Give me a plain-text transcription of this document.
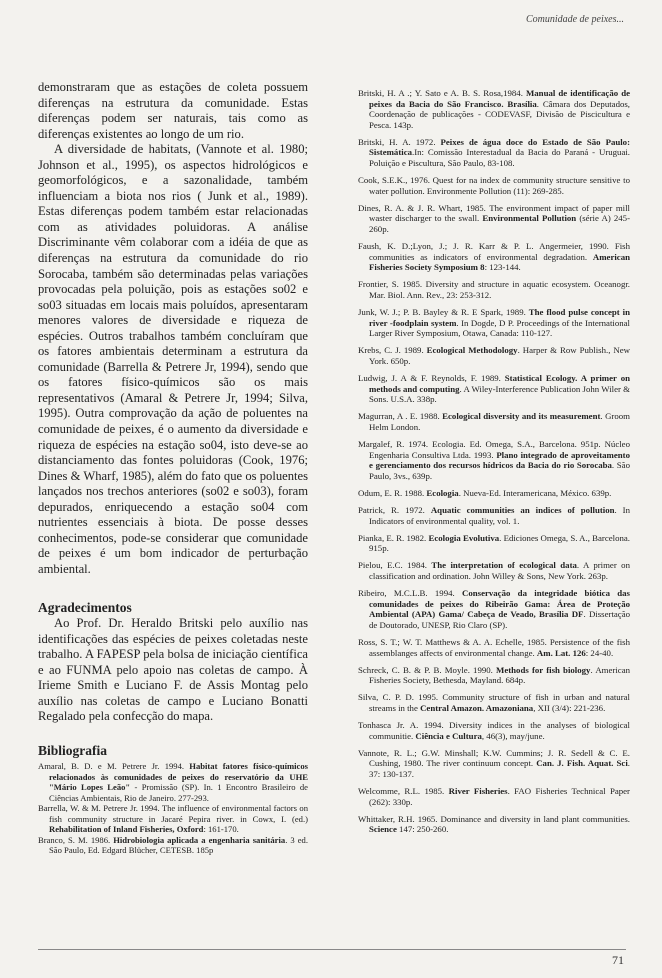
Comunidade de peixes...

demonstraram que as estações de coleta possuem diferenças na estrutura da comunidade. Estas diferenças podem ser naturais, tais como as diferenças existentes ao longo de um rio.

A diversidade de habitats, (Vannote et al. 1980; Johnson et al., 1995), os aspectos hidrológicos e geomorfológicos, e a sazonalidade, também influenciam a biota nos rios ( Junk et al., 1989). Estas diferenças podem também estar relacionadas com as atividades poluidoras. A análise Discriminante vêm colaborar com a idéia de que as diferenças na estrutura da comunidade do rio Sorocaba, também são determinadas pelas variações provocadas pela poluição, pois as estações so02 e so03 situadas em locais mais poluídos, apresentaram menores valores de diversidade e riqueza de espécies. Outros trabalhos também concluíram que os fatores ambientais determinam a estrutura da comunidade (Barrella & Petrere Jr, 1994), sendo que os fatores físico-químicos são os mais representativos (Amaral & Petrere Jr, 1994; Silva, 1995). Outra comprovação da ação de poluentes na comunidade de peixes, é o aumento da diversidade e riqueza de espécies na estação so04, isto deve-se ao distanciamento das fontes poluidoras (Cook, 1976; Dines & Wharf, 1985), além do fato que os poluentes lançados nos trechos anteriores (so02 e so03), foram depurados, enriquecendo a estação so04 com nutrientes essenciais à biota. De posse desses conhecimentos, pode-se considerar que comunidade de peixes é um bom indicador de perturbação ambiental.

Agradecimentos

Ao Prof. Dr. Heraldo Britski pelo auxílio nas identificações das espécies de peixes coletadas neste trabalho. A FAPESP pela bolsa de iniciação científica e ao FUNMA pelo apoio nas coletas de campo. À Irieme Smith e Luciano F. de Assis Montag pelo auxílio nas coletas de campo e Luciano Bonatti Regalado pela confecção do mapa.

Bibliografia

Amaral, B. D. e M. Petrere Jr. 1994. Habitat fatores físico-químicos relacionados às comunidades de peixes do reservatório da UHE "Mário Lopes Leão" - Promissão (SP). In. 1 Encontro Brasileiro de Ciências Ambientais, Rio de Janeiro. 277-293.

Barrella, W. & M. Petrere Jr. 1994. The influence of environmental factors on fish community structure in Jacaré Pepira river. in Cowx, I. (ed.) Rehabilitation of Inland Fisheries, Oxford: 161-170.

Branco, S. M. 1986. Hidrobiologia aplicada a engenharia sanitária. 3 ed. São Paulo, Ed. Edgard Blücher, CETESB. 185p

Britski, H. A .; Y. Sato e A. B. S. Rosa,1984. Manual de identificação de peixes da Bacia do São Francisco. Brasília. Câmara dos Deputados, Coordenação de publicações - CODEVASF, Divisão de Piscicultura e Pesca. 143p.

Britski, H. A. 1972. Peixes de água doce do Estado de São Paulo: Sistemática.In: Comissão Interestadual da Bacia do Paraná - Uruguai. Poluição e Piscultura, São Paulo, 83-108.

Cook, S.E.K., 1976. Quest for na index de community structure sensitive to water pollution. Environmente Pollution (11): 269-285.

Dines, R. A. & J. R. Whart, 1985. The environment impact of paper mill waster discharger to the swall. Environmental Pollution (série A) 245-260p.

Faush, K. D.;Lyon, J.; J. R. Karr & P. L. Angermeier, 1990. Fish communities as indicators of environmental degradation. American Fisheries Society Symposium 8: 123-144.

Frontier, S. 1985. Diversity and structure in aquatic ecosystem. Oceanogr. Mar. Biol. Ann. Rev., 23: 253-312.

Junk, W. J.; P. B. Bayley & R. E Spark, 1989. The flood pulse concept in river -foodplain system. In Dogde, D P. Proceedings of the International Larger River Symposium, Otawa, Canada: 110-127.

Krebs, C. J. 1989. Ecological Methodology. Harper & Row Publish., New York. 650p.

Ludwig, J. A & F. Reynolds, F. 1989. Statistical Ecology. A primer on methods and computing. A Wiley-Interference Publication John Wiler & Sons. U.S.A. 338p.

Magurran, A . E. 1988. Ecological disversity and its measurement. Groom Helm London.

Margalef, R. 1974. Ecologia. Ed. Omega, S.A., Barcelona. 951p. Núcleo Engenharia Consultiva Ltda. 1993. Plano integrado de aproveitamento e gerenciamento dos recursos hídricos da Bacia do rio Sorocaba. São Paulo, 3vs., 639p.

Odum, E. R. 1988. Ecologia. Nueva-Ed. Interamericana, México. 639p.

Patrick, R. 1972. Aquatic communities an indices of pollution. In Indicators of environmental quality, vol. 1.

Pianka, E. R. 1982. Ecologia Evolutiva. Ediciones Omega, S. A., Barcelona. 915p.

Pielou, E.C. 1984. The interpretation of ecological data. A primer on classification and ordination. John Willey & Sons, New York. 263p.

Ribeiro, M.C.L.B. 1994. Conservação da integridade biótica das comunidades de peixes do Ribeirão Gama: Área de Proteção Ambiental (APA) Gama/ Cabeça de Veado, Brasília DF. Dissertação de Doutorado, UNESP, Rio Claro (SP).

Ross, S. T.; W. T. Matthews & A. A. Echelle, 1985. Persistence of the fish assemblanges affects of environmental change. Am. Lat. 126: 24-40.

Schreck, C. B. & P. B. Moyle. 1990. Methods for fish biology. American Fisheries Society, Bethesda, Mayland. 684p.

Silva, C. P. D. 1995. Community structure of fish in urban and natural streams in the Central Amazon. Amazoniana, XII (3/4): 221-236.

Tonhasca Jr. A. 1994. Diversity indices in the analyses of biological communitie. Ciência e Cultura, 46(3), may/june.

Vannote, R. L.; G.W. Minshall; K.W. Cummins; J. R. Sedell & C. E. Cushing, 1980. The river continuum concept. Can. J. Fish. Aquat. Sci. 37: 130-137.

Welcomme, R.L. 1985. River Fisheries. FAO Fisheries Technical Paper (262): 330p.

Whittaker, R.H. 1965. Dominance and diversity in land plant communities. Science 147: 250-260.

71
